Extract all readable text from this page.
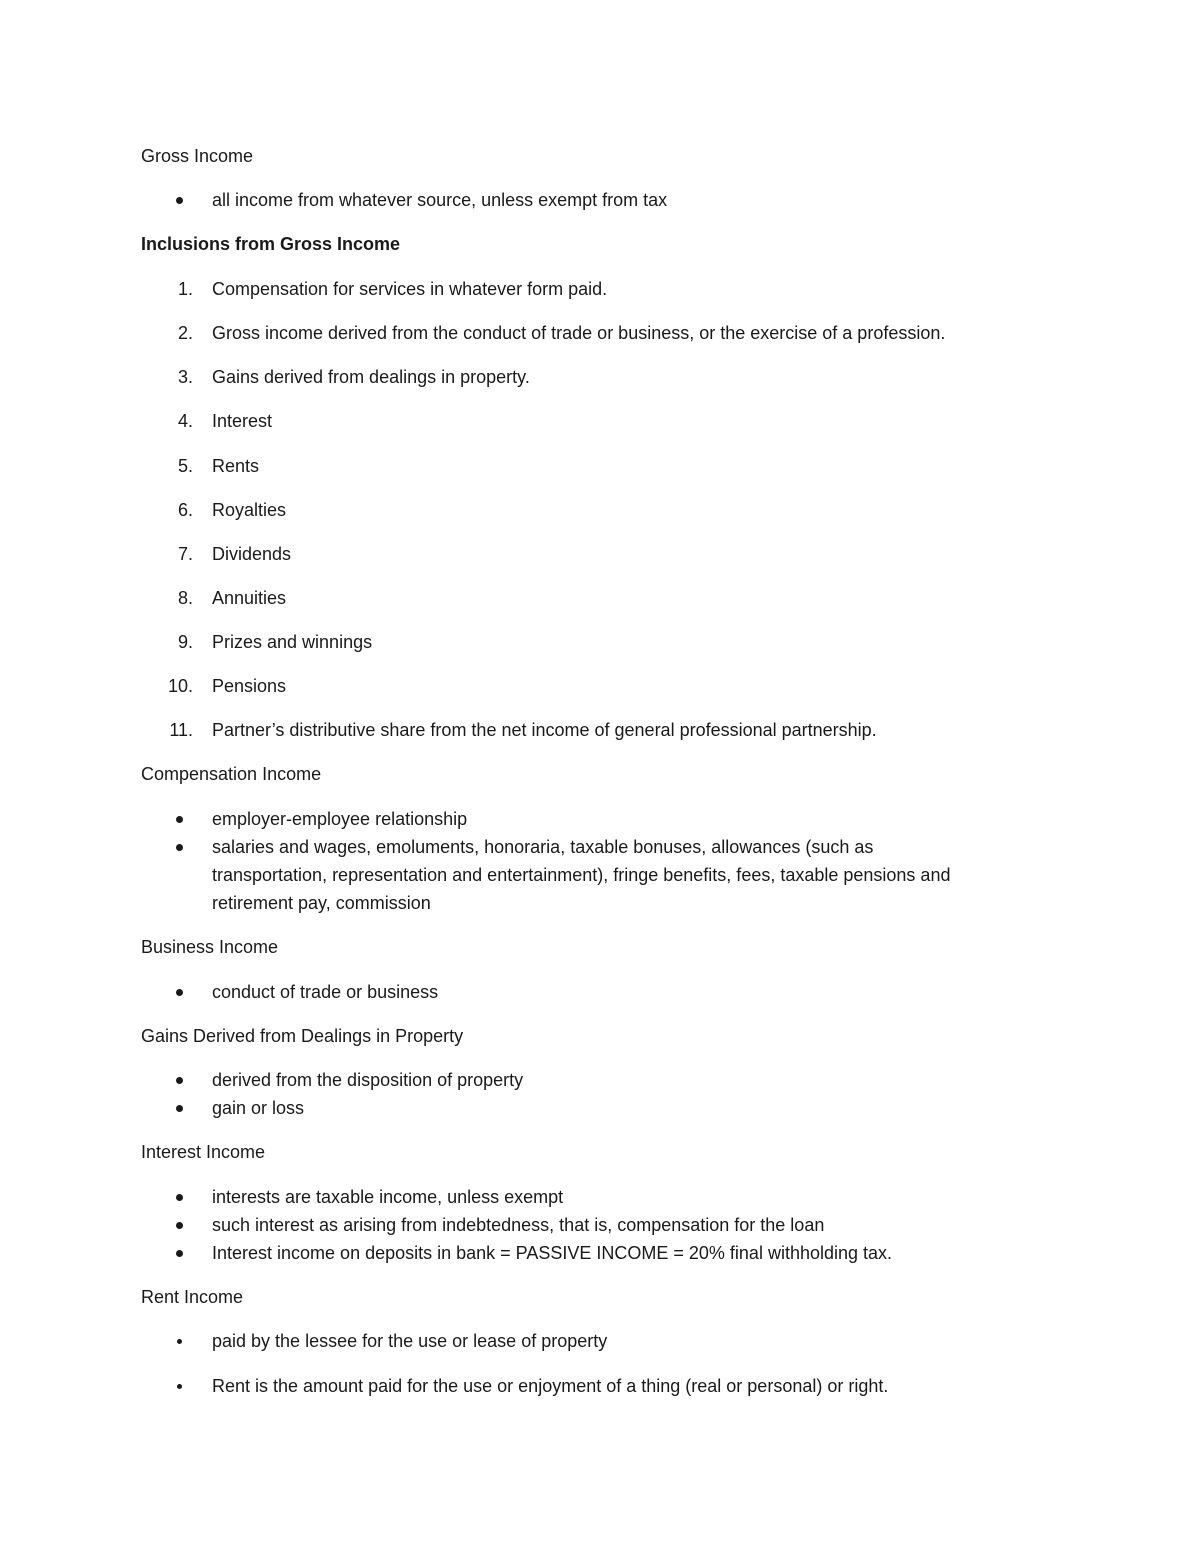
Gross Income
all income from whatever source, unless exempt from tax
Inclusions from Gross Income
1. Compensation for services in whatever form paid.
2. Gross income derived from the conduct of trade or business, or the exercise of a profession.
3. Gains derived from dealings in property.
4. Interest
5. Rents
6. Royalties
7. Dividends
8. Annuities
9. Prizes and winnings
10. Pensions
11. Partner’s distributive share from the net income of general professional partnership.
Compensation Income
employer-employee relationship
salaries and wages, emoluments, honoraria, taxable bonuses, allowances (such as
transportation, representation and entertainment), fringe benefits, fees, taxable pensions and
retirement pay, commission
Business Income
conduct of trade or business
Gains Derived from Dealings in Property
derived from the disposition of property
gain or loss
Interest Income
interests are taxable income, unless exempt
such interest as arising from indebtedness, that is, compensation for the loan
Interest income on deposits in bank = PASSIVE INCOME = 20% final withholding tax.
Rent Income
paid by the lessee for the use or lease of property
Rent is the amount paid for the use or enjoyment of a thing (real or personal) or right.
